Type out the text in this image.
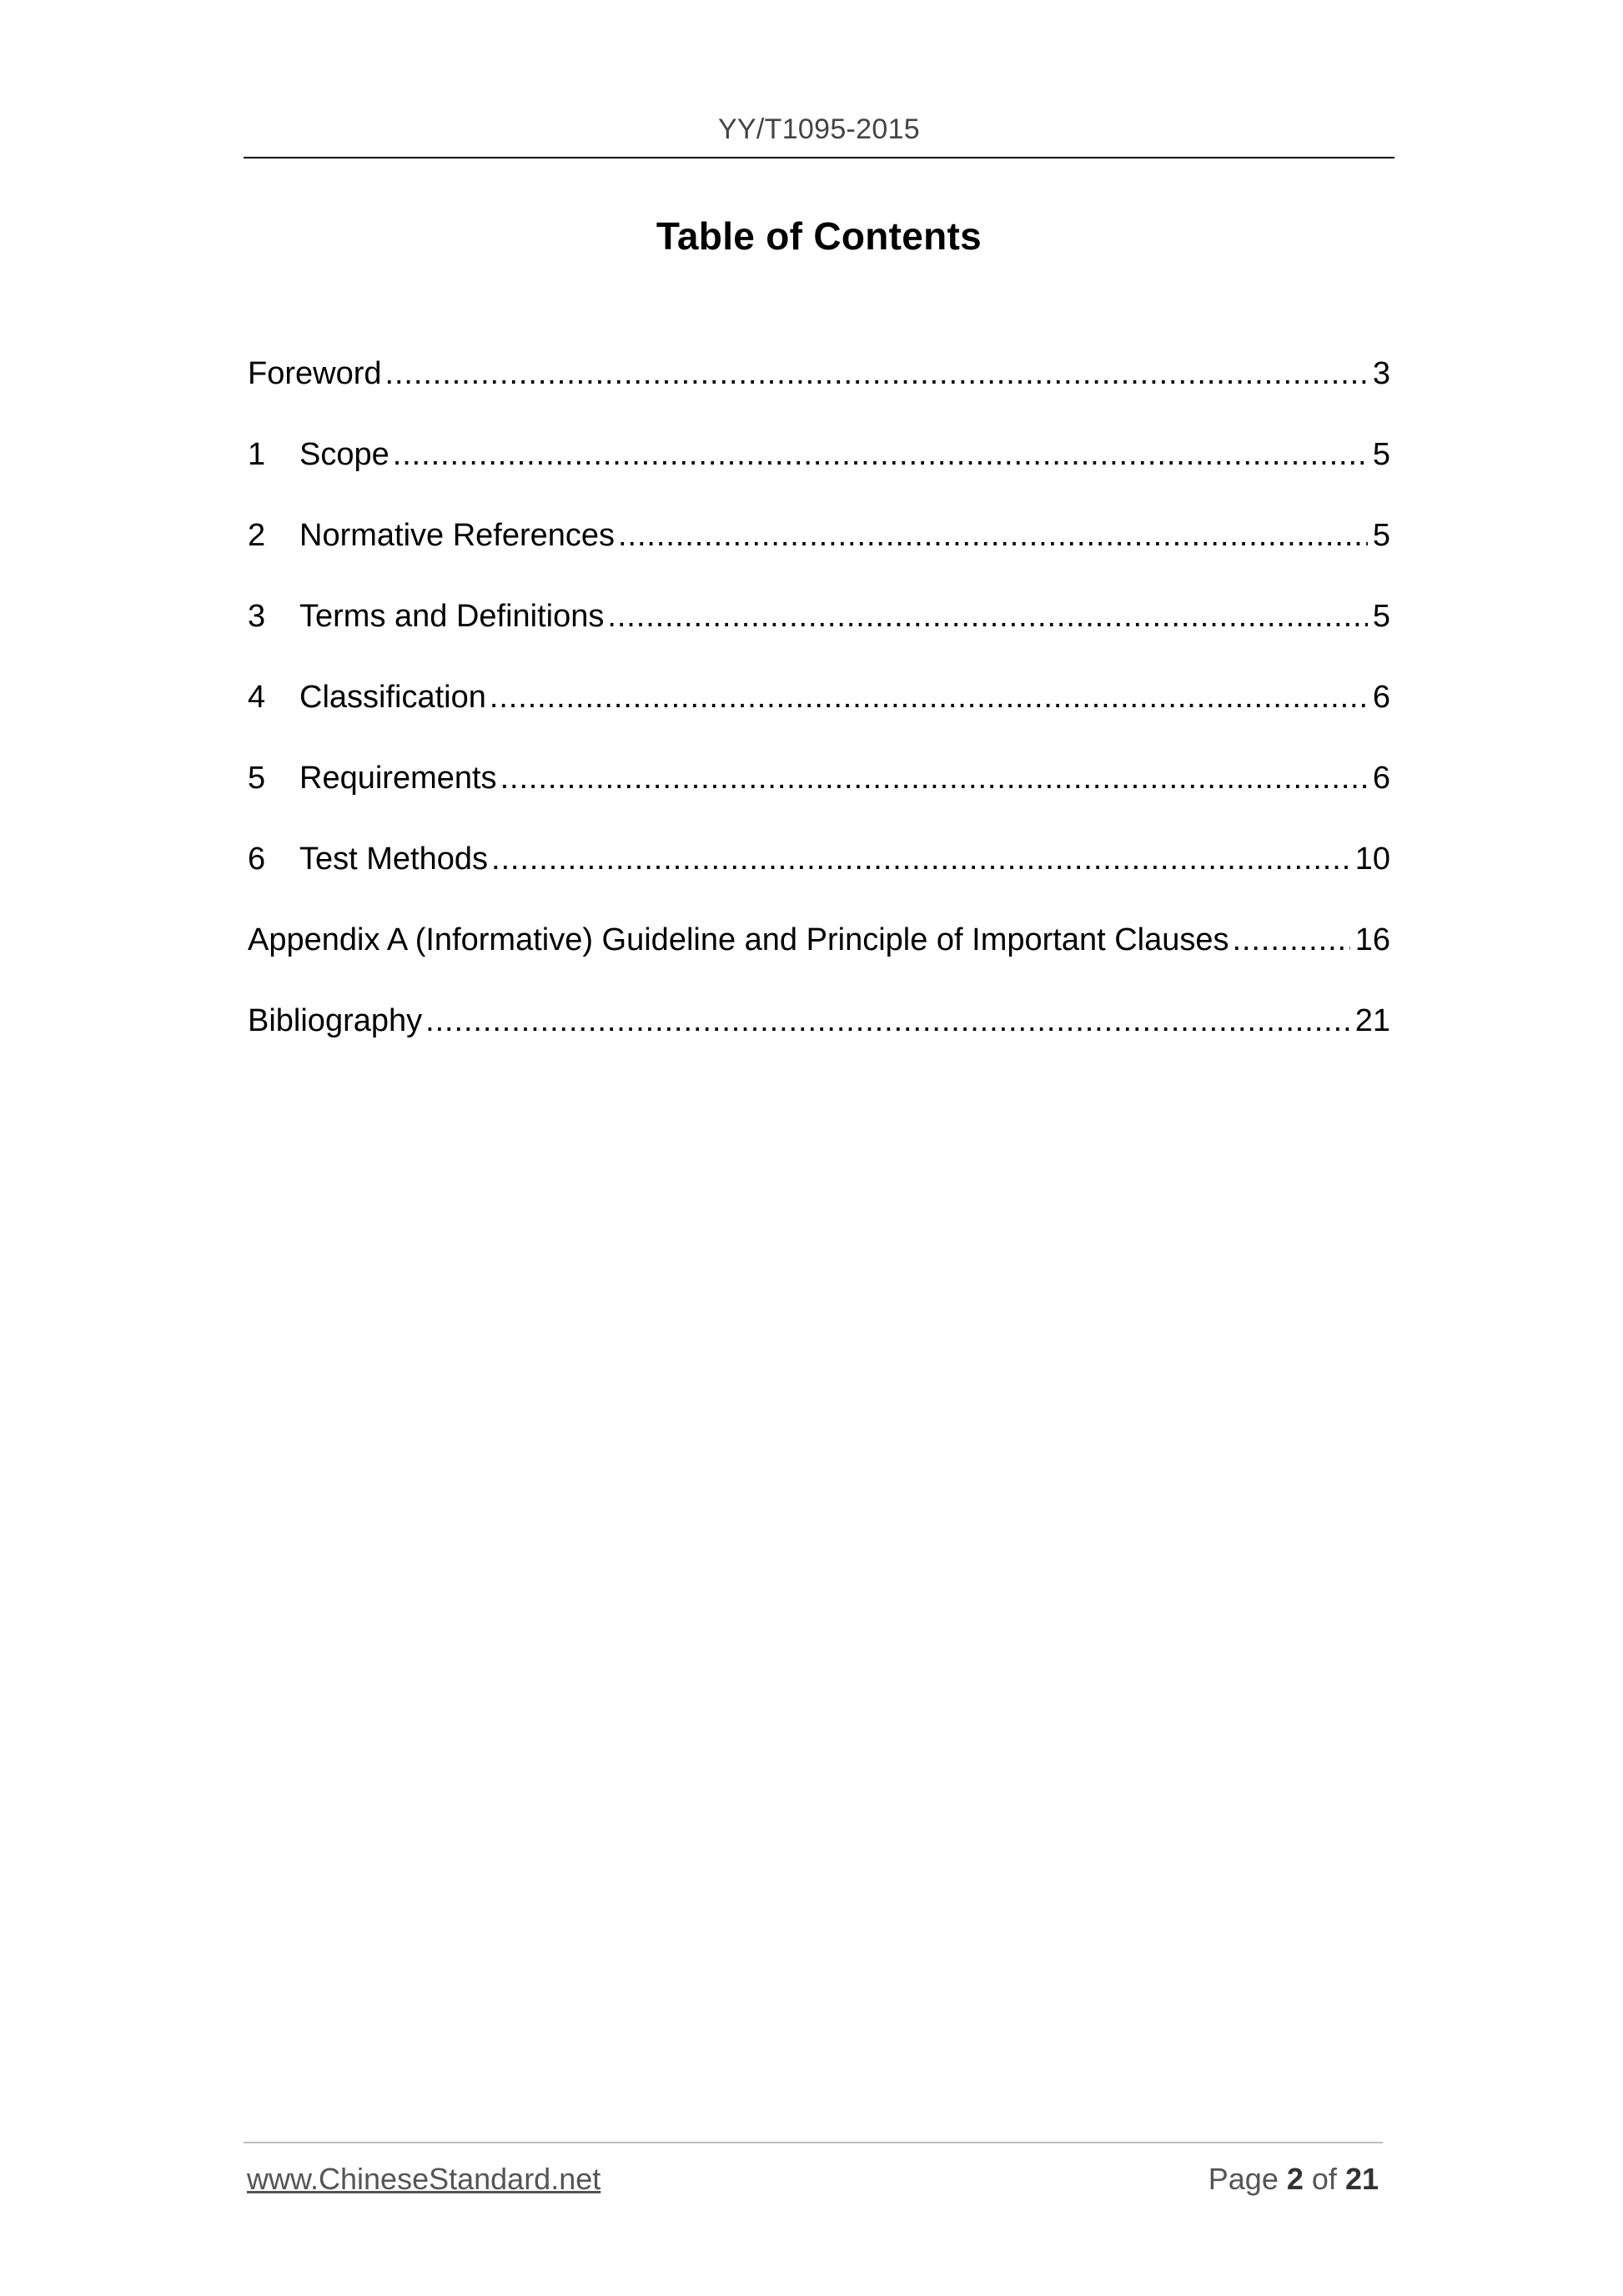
YY/T1095-2015
Table of Contents
Foreword .....	3
1	Scope .....	5
2	Normative References .....	5
3	Terms and Definitions .....	5
4	Classification .....	6
5	Requirements .....	6
6	Test Methods .....	10
Appendix A (Informative) Guideline and Principle of Important Clauses .....	16
Bibliography .....	21
www.ChineseStandard.net	Page 2 of 21
